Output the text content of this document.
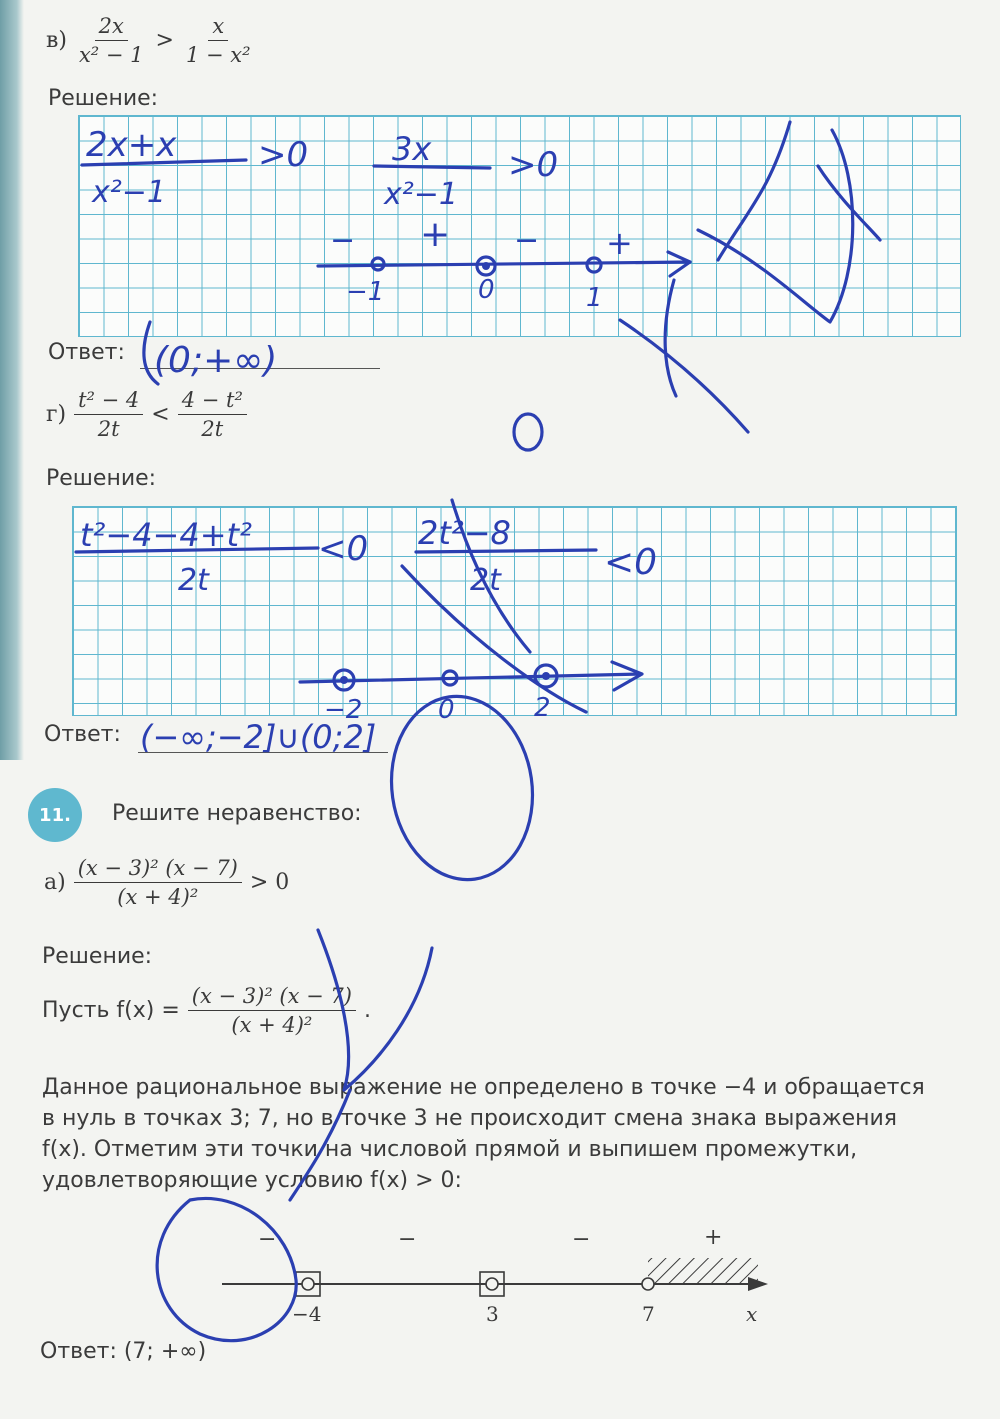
$в) \frac{2x}{\text{x² − 1}} > \frac{x}{\text{1 − x²}}$
Решение:
Ответ:
$г) \frac{\text{t² − 4}}{2t} < \frac{\text{4 − t²}}{2t}$
Решение:
Ответ:
11.	Решите неравенство:
$а) \frac{\text{(x − 3)² (x − 7)}}{\text{(x + 4)²}} > 0$
Решение:
Пусть $f(x) = \frac{\text{(x − 3)² (x − 7)}}{\text{(x + 4)²}}$ .
Данное рациональное выражение не определено в точке −4 и обращается
в нуль в точках 3; 7, но в точке 3 не происходит смена знака выражения
f(x). Отметим эти точки на числовой прямой и выпишем промежутки,
удовлетворяющие условию f(x) > 0:
−	−	−	+
−4	3	7	x
Ответ: (7; +∞)
2x+x
x²−1
>0	3x
x²−1
>0
− + − +
−1	0	1
(0;+∞)
t²−4−4+t²
2t
<0 2t²−8
2t	<0
−2	0	2
(−∞;−2]∪(0;2]
